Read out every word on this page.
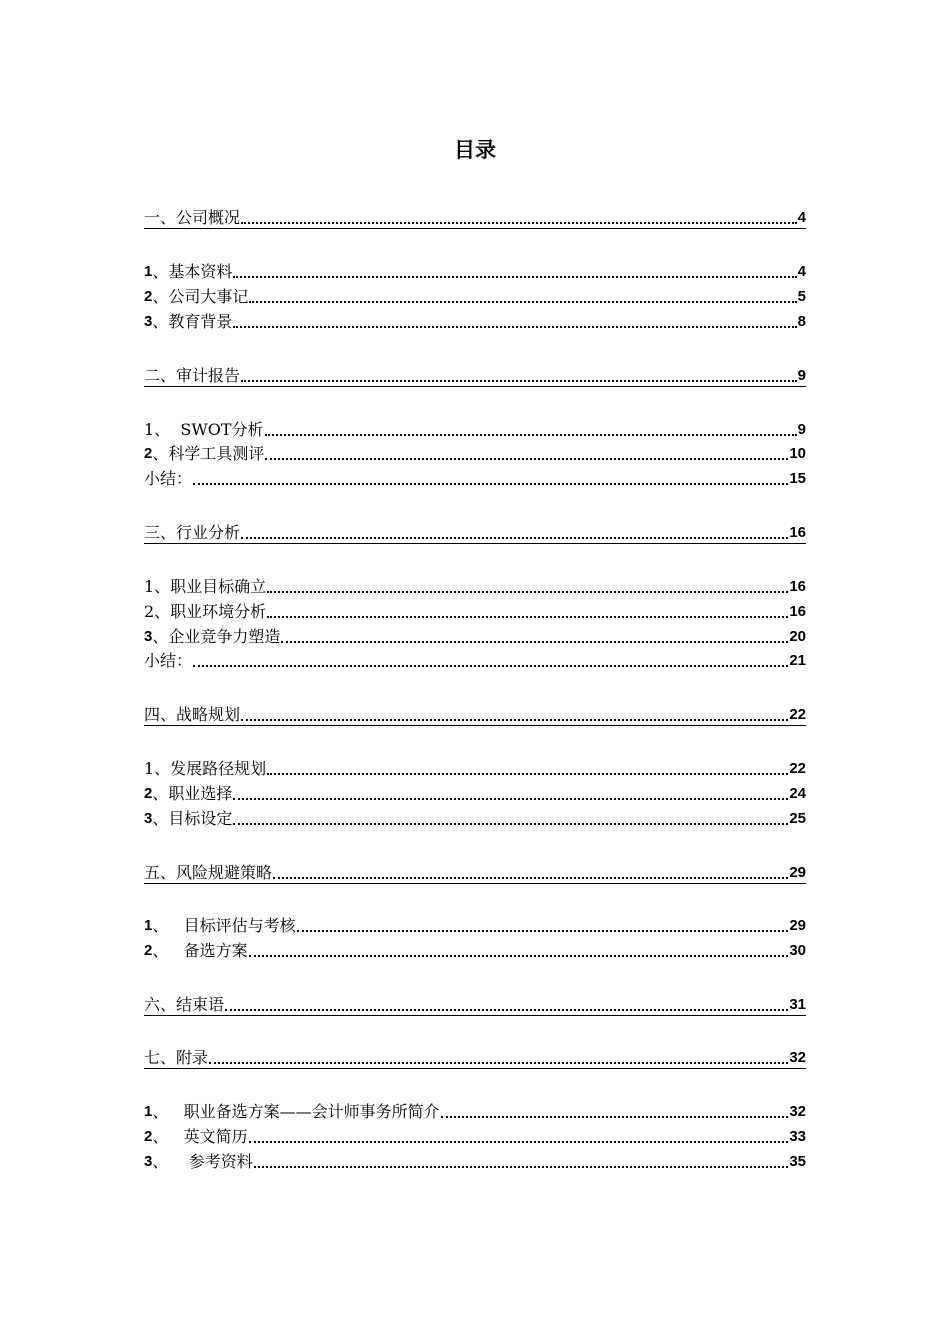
目录
一、公司概况	4
1 、基本资料	4
2 、公司大事记	5
3 、教育背景	8
二、审计报告	9
1、  SWOT分析	9
2 、科学工具测评	10
小结：	15
三、行业分析	16
1、职业目标确立	16
2、职业环境分析	16
3 、企业竞争力塑造	20
小结：	21
四、战略规划	22
1、发展路径规划	22
2 、职业选择	24
3 、目标设定	25
五、风险规避策略	29
1 、   目标评估与考核	29
2 、   备选方案	30
六、结束语	31
七、附录	32
1 、   职业备选方案——会计师事务所简介	32
2 、   英文简历	33
3 、    参考资料	35
